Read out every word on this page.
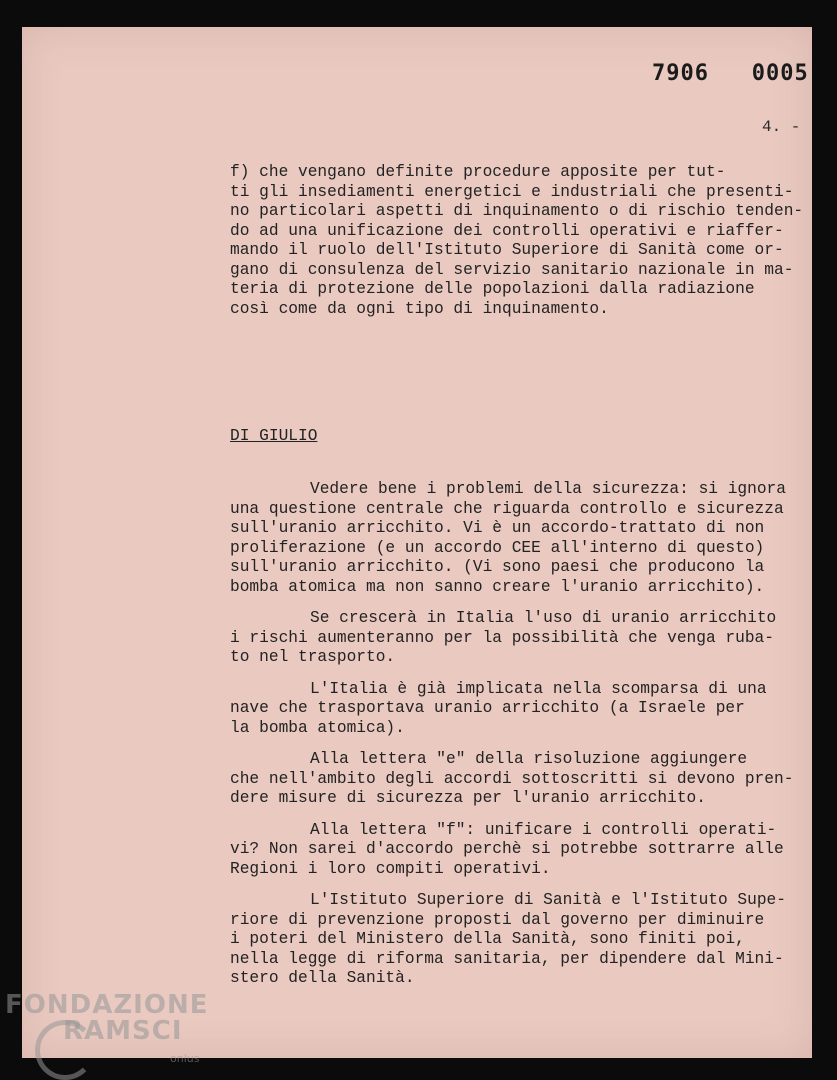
7906   0005
4. -
f) che vengano definite procedure apposite per tut-
ti gli insediamenti energetici e industriali che presenti-
no particolari aspetti di inquinamento o di rischio tenden-
do ad una unificazione dei controlli operativi e riaffer-
mando il ruolo dell'Istituto Superiore di Sanità come or-
gano di consulenza del servizio sanitario nazionale in ma-
teria di protezione delle popolazioni dalla radiazione
così come da ogni tipo di inquinamento.
DI GIULIO
Vedere bene i problemi della sicurezza: si ignora
una questione centrale che riguarda controllo e sicurezza
sull'uranio arricchito. Vi è un accordo-trattato di non
proliferazione (e un accordo CEE all'interno di questo)
sull'uranio arricchito. (Vi sono paesi che producono la
bomba atomica ma non sanno creare l'uranio arricchito).
Se crescerà in Italia l'uso di uranio arricchito
i rischi aumenteranno per la possibilità che venga ruba-
to nel trasporto.
L'Italia è già implicata nella scomparsa di una
nave che trasportava uranio arricchito (a Israele per
la bomba atomica).
Alla lettera "e" della risoluzione aggiungere
che nell'ambito degli accordi sottoscritti si devono pren-
dere misure di sicurezza per l'uranio arricchito.
Alla lettera "f": unificare i controlli operati-
vi? Non sarei d'accordo perchè si potrebbe sottrarre alle
Regioni i loro compiti operativi.
L'Istituto Superiore di Sanità e l'Istituto Supe-
riore di prevenzione proposti dal governo per diminuire
i poteri del Ministero della Sanità, sono finiti poi,
nella legge di riforma sanitaria, per dipendere dal Mini-
stero della Sanità.
FONDAZIONE
RAMSCI
onlus
